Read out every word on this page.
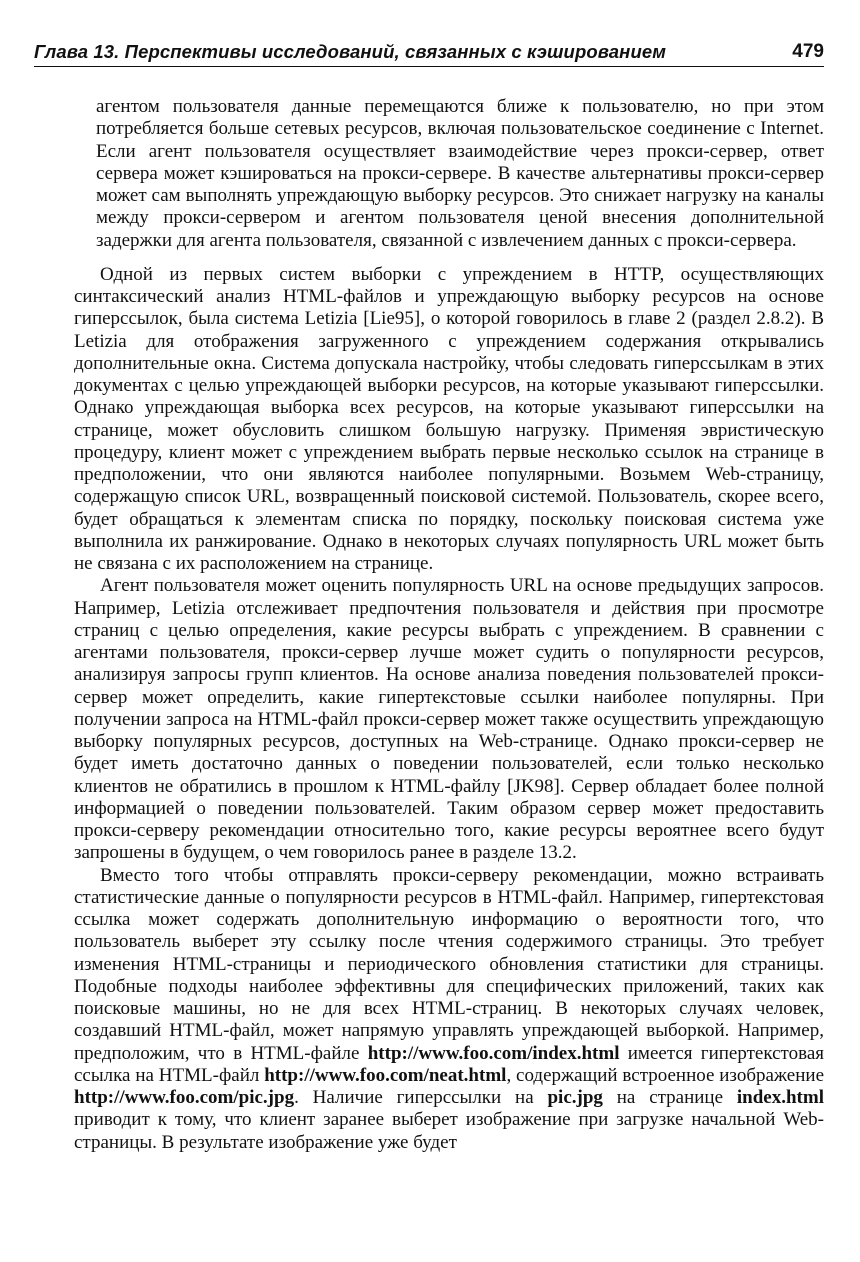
Глава 13. Перспективы исследований, связанных с кэшированием	479

агентом пользователя данные перемещаются ближе к пользователю, но при этом потребляется больше сетевых ресурсов, включая пользовательское соединение с Internet. Если агент пользователя осуществляет взаимодействие через прокси-сервер, ответ сервера может кэшироваться на прокси-сервере. В качестве альтернативы прокси-сервер может сам выполнять упреждающую выборку ресурсов. Это снижает нагрузку на каналы между прокси-сервером и агентом пользователя ценой внесения дополнительной задержки для агента пользователя, связанной с извлечением данных с прокси-сервера.

Одной из первых систем выборки с упреждением в HTTP, осуществляющих синтаксический анализ HTML-файлов и упреждающую выборку ресурсов на основе гиперссылок, была система Letizia [Lie95], о которой говорилось в главе 2 (раздел 2.8.2). В Letizia для отображения загруженного с упреждением содержания открывались дополнительные окна. Система допускала настройку, чтобы следовать гиперссылкам в этих документах с целью упреждающей выборки ресурсов, на которые указывают гиперссылки. Однако упреждающая выборка всех ресурсов, на которые указывают гиперссылки на странице, может обусловить слишком большую нагрузку. Применяя эвристическую процедуру, клиент может с упреждением выбрать первые несколько ссылок на странице в предположении, что они являются наиболее популярными. Возьмем Web-страницу, содержащую список URL, возвращенный поисковой системой. Пользователь, скорее всего, будет обращаться к элементам списка по порядку, поскольку поисковая система уже выполнила их ранжирование. Однако в некоторых случаях популярность URL может быть не связана с их расположением на странице.

Агент пользователя может оценить популярность URL на основе предыдущих запросов. Например, Letizia отслеживает предпочтения пользователя и действия при просмотре страниц с целью определения, какие ресурсы выбрать с упреждением. В сравнении с агентами пользователя, прокси-сервер лучше может судить о популярности ресурсов, анализируя запросы групп клиентов. На основе анализа поведения пользователей прокси-сервер может определить, какие гипертекстовые ссылки наиболее популярны. При получении запроса на HTML-файл прокси-сервер может также осуществить упреждающую выборку популярных ресурсов, доступных на Web-странице. Однако прокси-сервер не будет иметь достаточно данных о поведении пользователей, если только несколько клиентов не обратились в прошлом к HTML-файлу [JK98]. Сервер обладает более полной информацией о поведении пользователей. Таким образом сервер может предоставить прокси-серверу рекомендации относительно того, какие ресурсы вероятнее всего будут запрошены в будущем, о чем говорилось ранее в разделе 13.2.

Вместо того чтобы отправлять прокси-серверу рекомендации, можно встраивать статистические данные о популярности ресурсов в HTML-файл. Например, гипертекстовая ссылка может содержать дополнительную информацию о вероятности того, что пользователь выберет эту ссылку после чтения содержимого страницы. Это требует изменения HTML-страницы и периодического обновления статистики для страницы. Подобные подходы наиболее эффективны для специфических приложений, таких как поисковые машины, но не для всех HTML-страниц. В некоторых случаях человек, создавший HTML-файл, может напрямую управлять упреждающей выборкой. Например, предположим, что в HTML-файле http://www.foo.com/index.html имеется гипертекстовая ссылка на HTML-файл http://www.foo.com/neat.html, содержащий встроенное изображение http://www.foo.com/pic.jpg. Наличие гиперссылки на pic.jpg на странице index.html приводит к тому, что клиент заранее выберет изображение при загрузке начальной Web-страницы. В результате изображение уже будет
